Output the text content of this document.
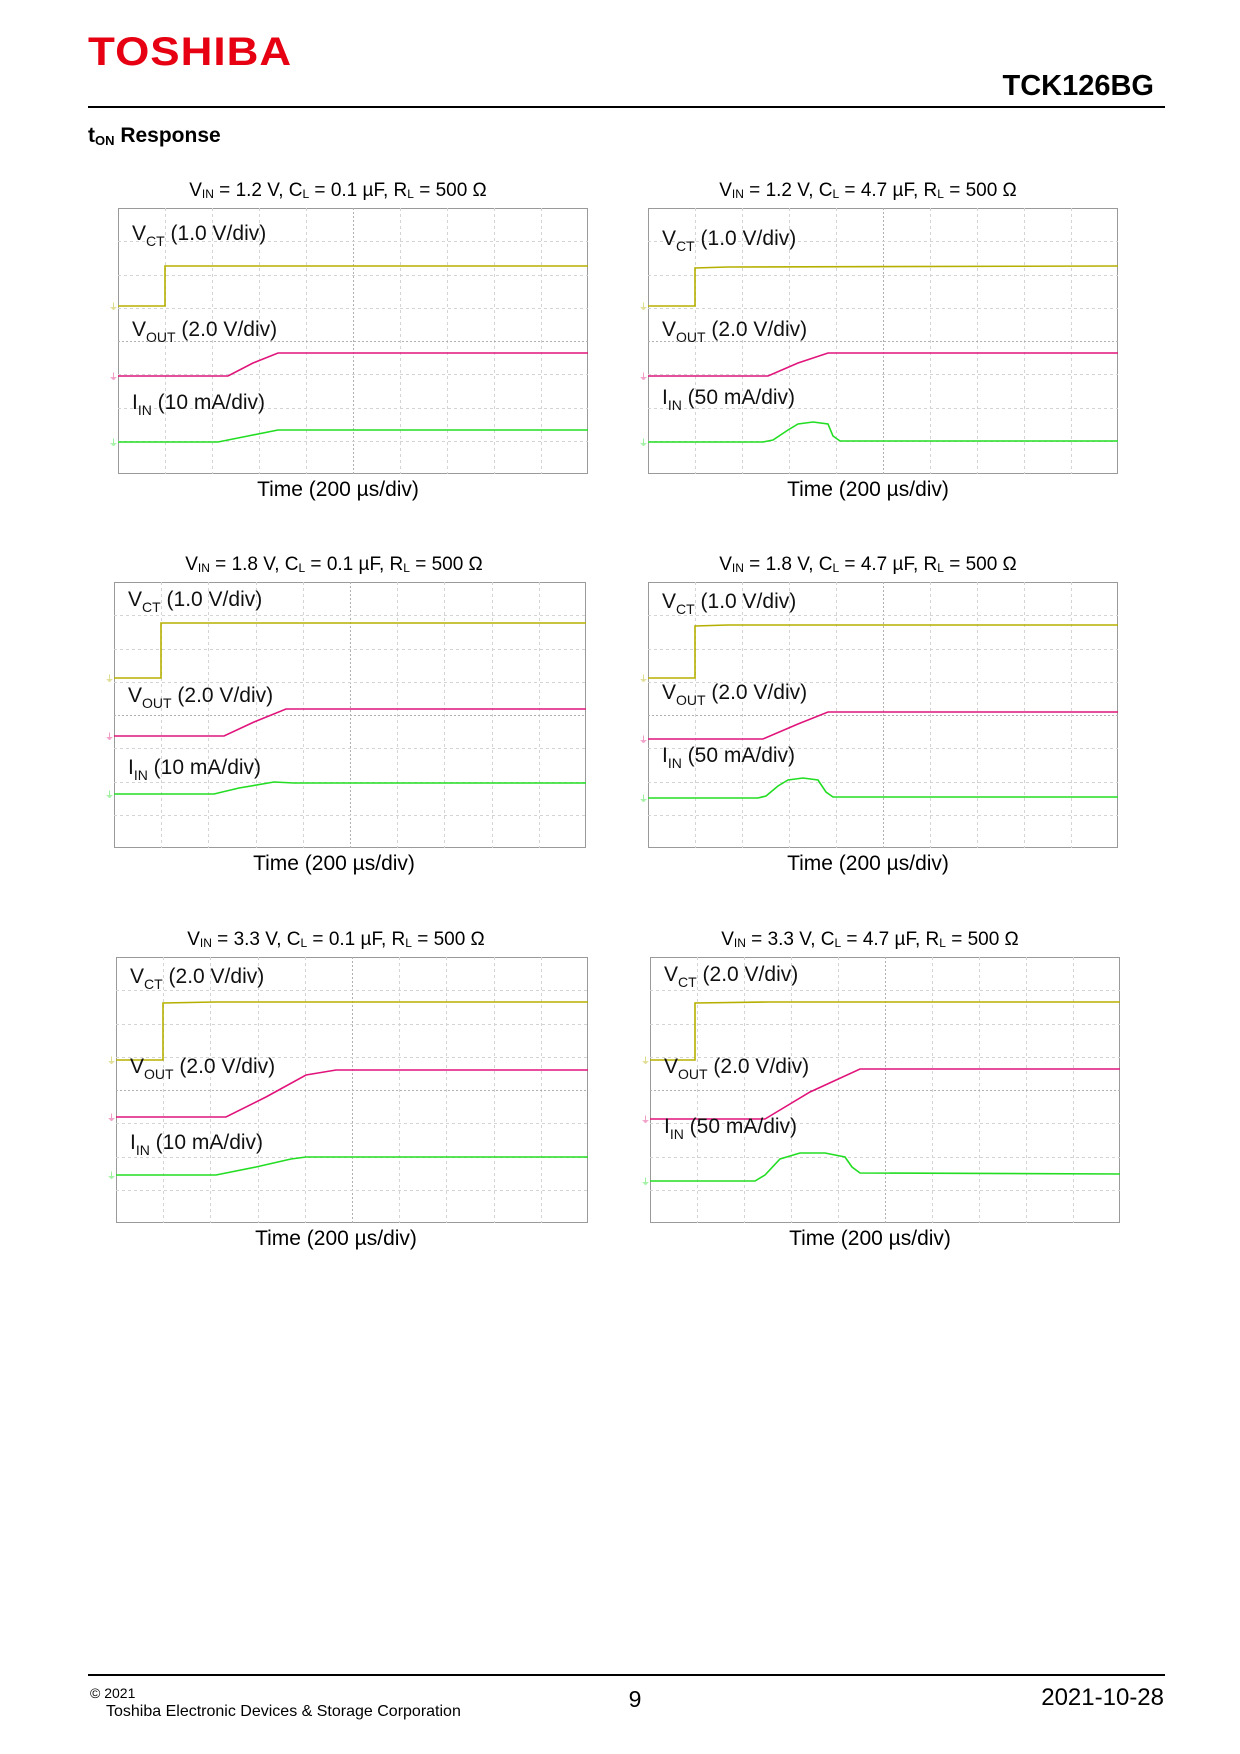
TOSHIBA
TCK126BG
$t_{ON}$ Response
$V_{IN} = 1.2$ V, $C_L = 0.1$ µF, $R_L = 500$ Ω
$V_{CT}$ (1.0 V/div)
$V_{OUT}$ (2.0 V/div)
$I_{IN}$ (10 mA/div)
⏚
⏚
⏚
Time (200 µs/div)
$V_{IN} = 1.2$ V, $C_L = 4.7$ µF, $R_L = 500$ Ω
$V_{CT}$ (1.0 V/div)
$V_{OUT}$ (2.0 V/div)
$I_{IN}$ (50 mA/div)
⏚
⏚
⏚
Time (200 µs/div)
$V_{IN} = 1.8$ V, $C_L = 0.1$ µF, $R_L = 500$ Ω
$V_{CT}$ (1.0 V/div)
$V_{OUT}$ (2.0 V/div)
$I_{IN}$ (10 mA/div)
⏚
⏚
⏚
Time (200 µs/div)
$V_{IN} = 1.8$ V, $C_L = 4.7$ µF, $R_L = 500$ Ω
$V_{CT}$ (1.0 V/div)
$V_{OUT}$ (2.0 V/div)
$I_{IN}$ (50 mA/div)
⏚
⏚
⏚
Time (200 µs/div)
$V_{IN} = 3.3$ V, $C_L = 0.1$ µF, $R_L = 500$ Ω
$V_{CT}$ (2.0 V/div)
$V_{OUT}$ (2.0 V/div)
$I_{IN}$ (10 mA/div)
⏚
⏚
⏚
Time (200 µs/div)
$V_{IN} = 3.3$ V, $C_L = 4.7$ µF, $R_L = 500$ Ω
$V_{CT}$ (2.0 V/div)
$V_{OUT}$ (2.0 V/div)
$I_{IN}$ (50 mA/div)
⏚
⏚
⏚
Time (200 µs/div)
© 2021
Toshiba Electronic Devices & Storage Corporation	9	2021-10-28
